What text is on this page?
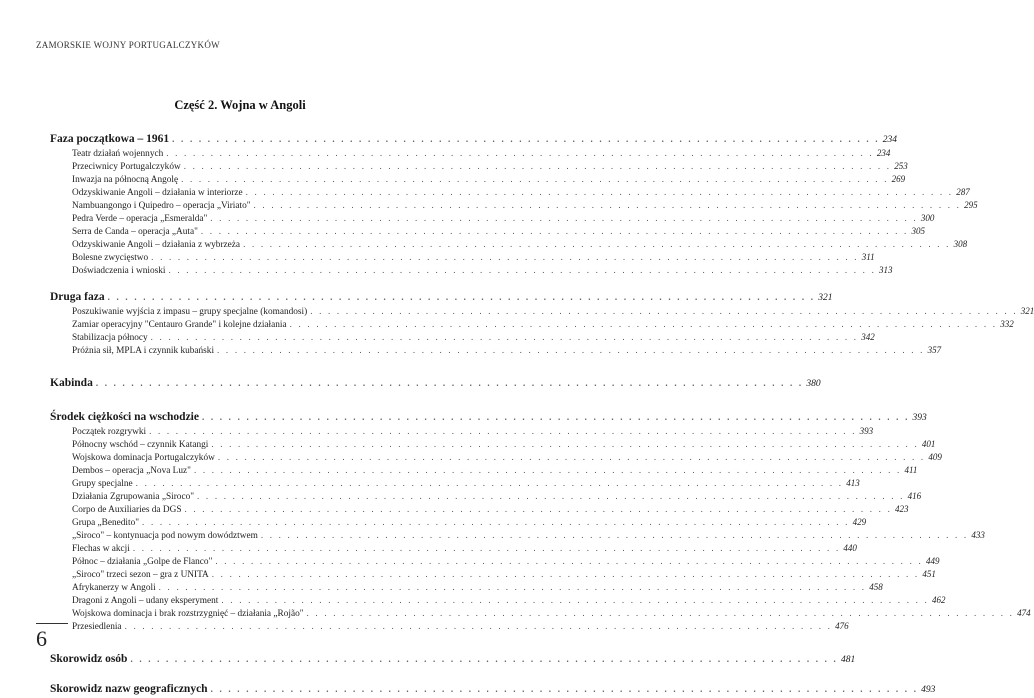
ZAMORSKIE WOJNY PORTUGALCZYKÓW
Część 2. Wojna w Angoli
Faza początkowa – 1961 . . . . . . . . . . . . . . . . . . . . . . . . . . . . . . . . . . . . . . . . . . . . . . . . . . . . . . . . . . . . . . . . . . . . . . . . . . . . . . . . 234
Teatr działań wojennych . . . . . . . . . . . . . . . . . . . . . . . . . . . . . . . . . . . . . . . . . . . . . . . . . . . . . . . . . . . . . . . . . . . . . . . . . . . . . . . . 234
Przeciwnicy Portugalczyków . . . . . . . . . . . . . . . . . . . . . . . . . . . . . . . . . . . . . . . . . . . . . . . . . . . . . . . . . . . . . . . . . . . . . . . . . . . . . . . . 253
Inwazja na północną Angolę . . . . . . . . . . . . . . . . . . . . . . . . . . . . . . . . . . . . . . . . . . . . . . . . . . . . . . . . . . . . . . . . . . . . . . . . . . . . . . . . 269
Odzyskiwanie Angoli – działania w interiorze . . . . . . . . . . . . . . . . . . . . . . . . . . . . . . . . . . . . . . . . . . . . . . . . . . . . . . . . . . . . . . . . . . . . . . . . . . . . . . . . 287
Nambuangongo i Quipedro – operacja „Viriato" . . . . . . . . . . . . . . . . . . . . . . . . . . . . . . . . . . . . . . . . . . . . . . . . . . . . . . . . . . . . . . . . . . . . . . . . . . . . . . . . 295
Pedra Verde – operacja „Esmeralda" . . . . . . . . . . . . . . . . . . . . . . . . . . . . . . . . . . . . . . . . . . . . . . . . . . . . . . . . . . . . . . . . . . . . . . . . . . . . . . . . 300
Serra de Canda – operacja „Auta" . . . . . . . . . . . . . . . . . . . . . . . . . . . . . . . . . . . . . . . . . . . . . . . . . . . . . . . . . . . . . . . . . . . . . . . . . . . . . . . . 305
Odzyskiwanie Angoli – działania z wybrzeża . . . . . . . . . . . . . . . . . . . . . . . . . . . . . . . . . . . . . . . . . . . . . . . . . . . . . . . . . . . . . . . . . . . . . . . . . . . . . . . . 308
Bolesne zwycięstwo . . . . . . . . . . . . . . . . . . . . . . . . . . . . . . . . . . . . . . . . . . . . . . . . . . . . . . . . . . . . . . . . . . . . . . . . . . . . . . . . 311
Doświadczenia i wnioski . . . . . . . . . . . . . . . . . . . . . . . . . . . . . . . . . . . . . . . . . . . . . . . . . . . . . . . . . . . . . . . . . . . . . . . . . . . . . . . . 313
Druga faza . . . . . . . . . . . . . . . . . . . . . . . . . . . . . . . . . . . . . . . . . . . . . . . . . . . . . . . . . . . . . . . . . . . . . . . . . . . . . . . . 321
Poszukiwanie wyjścia z impasu – grupy specjalne (komandosi) . . . . . . . . . . . . . . . . . . . . . . . . . . . . . . . . . . . . . . . . . . . . . . . . . . . . . . . . . . . . . . . . . . . . . . . . . . . . . . . . 321
Zamiar operacyjny "Centauro Grande" i kolejne działania . . . . . . . . . . . . . . . . . . . . . . . . . . . . . . . . . . . . . . . . . . . . . . . . . . . . . . . . . . . . . . . . . . . . . . . . . . . . . . . . 332
Stabilizacja północy . . . . . . . . . . . . . . . . . . . . . . . . . . . . . . . . . . . . . . . . . . . . . . . . . . . . . . . . . . . . . . . . . . . . . . . . . . . . . . . . 342
Próżnia sił, MPLA i czynnik kubański . . . . . . . . . . . . . . . . . . . . . . . . . . . . . . . . . . . . . . . . . . . . . . . . . . . . . . . . . . . . . . . . . . . . . . . . . . . . . . . . 357
Kabinda . . . . . . . . . . . . . . . . . . . . . . . . . . . . . . . . . . . . . . . . . . . . . . . . . . . . . . . . . . . . . . . . . . . . . . . . . . . . . . . . 380
Środek ciężkości na wschodzie . . . . . . . . . . . . . . . . . . . . . . . . . . . . . . . . . . . . . . . . . . . . . . . . . . . . . . . . . . . . . . . . . . . . . . . . . . . . . . . . 393
Początek rozgrywki . . . . . . . . . . . . . . . . . . . . . . . . . . . . . . . . . . . . . . . . . . . . . . . . . . . . . . . . . . . . . . . . . . . . . . . . . . . . . . . . 393
Północny wschód – czynnik Katangi . . . . . . . . . . . . . . . . . . . . . . . . . . . . . . . . . . . . . . . . . . . . . . . . . . . . . . . . . . . . . . . . . . . . . . . . . . . . . . . . 401
Wojskowa dominacja Portugalczyków . . . . . . . . . . . . . . . . . . . . . . . . . . . . . . . . . . . . . . . . . . . . . . . . . . . . . . . . . . . . . . . . . . . . . . . . . . . . . . . . 409
Dembos – operacja „Nova Luz" . . . . . . . . . . . . . . . . . . . . . . . . . . . . . . . . . . . . . . . . . . . . . . . . . . . . . . . . . . . . . . . . . . . . . . . . . . . . . . . . 411
Grupy specjalne . . . . . . . . . . . . . . . . . . . . . . . . . . . . . . . . . . . . . . . . . . . . . . . . . . . . . . . . . . . . . . . . . . . . . . . . . . . . . . . . 413
Działania Zgrupowania „Siroco" . . . . . . . . . . . . . . . . . . . . . . . . . . . . . . . . . . . . . . . . . . . . . . . . . . . . . . . . . . . . . . . . . . . . . . . . . . . . . . . . 416
Corpo de Auxiliaries da DGS . . . . . . . . . . . . . . . . . . . . . . . . . . . . . . . . . . . . . . . . . . . . . . . . . . . . . . . . . . . . . . . . . . . . . . . . . . . . . . . . 423
Grupa „Benedito" . . . . . . . . . . . . . . . . . . . . . . . . . . . . . . . . . . . . . . . . . . . . . . . . . . . . . . . . . . . . . . . . . . . . . . . . . . . . . . . . 429
„Siroco" – kontynuacja pod nowym dowództwem . . . . . . . . . . . . . . . . . . . . . . . . . . . . . . . . . . . . . . . . . . . . . . . . . . . . . . . . . . . . . . . . . . . . . . . . . . . . . . . . 433
Flechas w akcji . . . . . . . . . . . . . . . . . . . . . . . . . . . . . . . . . . . . . . . . . . . . . . . . . . . . . . . . . . . . . . . . . . . . . . . . . . . . . . . . 440
Północ – działania „Golpe de Flanco" . . . . . . . . . . . . . . . . . . . . . . . . . . . . . . . . . . . . . . . . . . . . . . . . . . . . . . . . . . . . . . . . . . . . . . . . . . . . . . . . 449
„Siroco" trzeci sezon – gra z UNITA . . . . . . . . . . . . . . . . . . . . . . . . . . . . . . . . . . . . . . . . . . . . . . . . . . . . . . . . . . . . . . . . . . . . . . . . . . . . . . . . 451
Afrykanerzy w Angoli . . . . . . . . . . . . . . . . . . . . . . . . . . . . . . . . . . . . . . . . . . . . . . . . . . . . . . . . . . . . . . . . . . . . . . . . . . . . . . . . 458
Dragoni z Angoli – udany eksperyment . . . . . . . . . . . . . . . . . . . . . . . . . . . . . . . . . . . . . . . . . . . . . . . . . . . . . . . . . . . . . . . . . . . . . . . . . . . . . . . . 462
Wojskowa dominacja i brak rozstrzygnięć – działania „Rojão" . . . . . . . . . . . . . . . . . . . . . . . . . . . . . . . . . . . . . . . . . . . . . . . . . . . . . . . . . . . . . . . . . . . . . . . . . . . . . . . . 474
Przesiedlenia . . . . . . . . . . . . . . . . . . . . . . . . . . . . . . . . . . . . . . . . . . . . . . . . . . . . . . . . . . . . . . . . . . . . . . . . . . . . . . . . 476
Skorowidz osób . . . . . . . . . . . . . . . . . . . . . . . . . . . . . . . . . . . . . . . . . . . . . . . . . . . . . . . . . . . . . . . . . . . . . . . . . . . . . . . . 481
Skorowidz nazw geograficznych . . . . . . . . . . . . . . . . . . . . . . . . . . . . . . . . . . . . . . . . . . . . . . . . . . . . . . . . . . . . . . . . . . . . . . . . . . . . . . . . 493
6
